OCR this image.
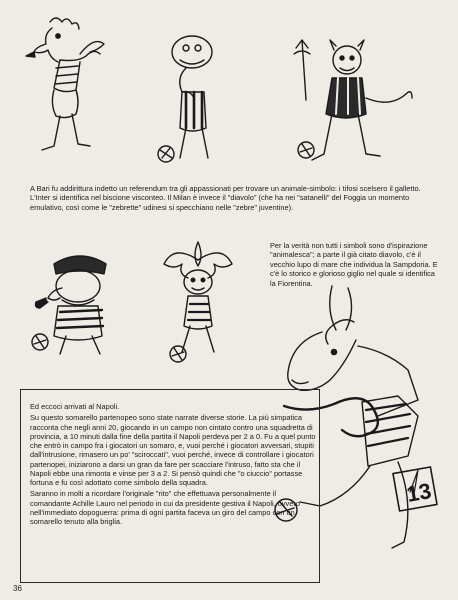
A Bari fu addirittura indetto un referendum tra gli appassionati per trovare un animale-simbolo: i tifosi scelsero il galletto. L'Inter si identifica nel biscione visconteo. Il Milan è invece il "diavolo" (che ha nei "satanelli" del Foggia un momento emulativo, così come le "zebrette" udinesi si specchiano nelle "zebre" juventine).

Per la verità non tutti i simboli sono d'ispirazione "animalesca"; a parte il già citato diavolo, c'è il vecchio lupo di mare che individua la Sampdoria. E c'è lo storico e glorioso giglio nel quale si identifica la Fiorentina.

13

Ed eccoci arrivati al Napoli.

Su questo somarello partenopeo sono state narrate diverse storie. La più simpatica racconta che negli anni 20, giocando in un campo non cintato contro una squadretta di provincia, a 10 minuti dalla fine della partita il Napoli perdeva per 2 a 0. Fu a quel punto che entrò in campo fra i giocatori un somaro, e, vuoi perché i giocatori avversari, stupiti dall'intrusione, rimasero un po' "sciroccati", vuoi perché, invece di controllare i giocatori partenopei, iniziarono a darsi un gran da fare per scacciare l'intruso, fatto sta che il Napoli ebbe una rimonta e vinse per 3 a 2. Si pensò quindi che "o ciuccio" portasse fortuna e fu così adottato come simbolo della squadra.

Saranno in molti a ricordare l'originale "rito" che effettuava personalmente il comandante Achille Lauro nel periodo in cui da presidente gestiva il Napoli, ovvero nell'immediato dopoguerra: prima di ogni partita faceva un giro del campo con un somarello tenuto alla briglia.

36
